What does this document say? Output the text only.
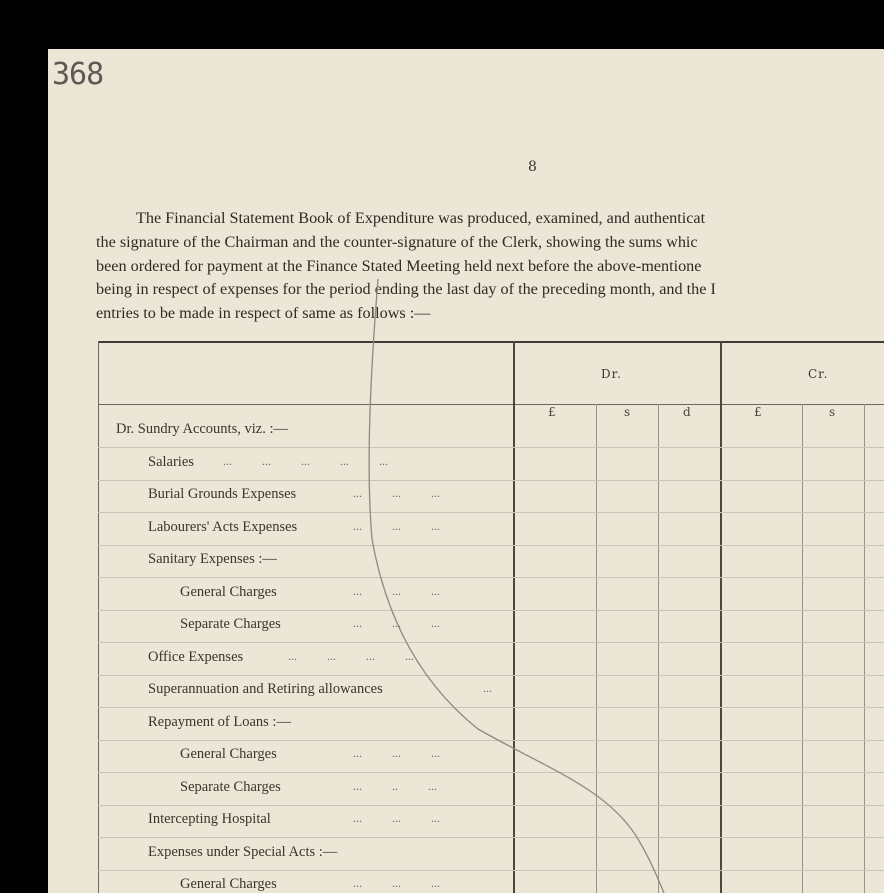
368
8
The Financial Statement Book of Expenditure was produced, examined, and authenticat
the signature of the Chairman and the counter-signature of the Clerk, showing the sums whic
been ordered for payment at the Finance Stated Meeting held next before the above-mentione
being in respect of expenses for the period ending the last day of the preceding month, and the I
entries to be made in respect of same as follows :—
Dr.	Cr.
£	s	d	£	s
Dr. Sundry Accounts, viz. :—
Salaries ...          ...          ...          ...          ...
Burial Grounds Expenses	...          ...          ...
Labourers' Acts Expenses	...          ...          ...
Sanitary Expenses :—
General Charges	...          ...          ...
Separate Charges	...          ...          ...
Office Expenses	...          ...          ...          ...
Superannuation and Retiring allowances	...
Repayment of Loans :—
General Charges	...          ...          ...
Separate Charges	...          ..          ...
Intercepting Hospital	...          ...          ...
Expenses under Special Acts :—
General Charges	...          ...          ...
